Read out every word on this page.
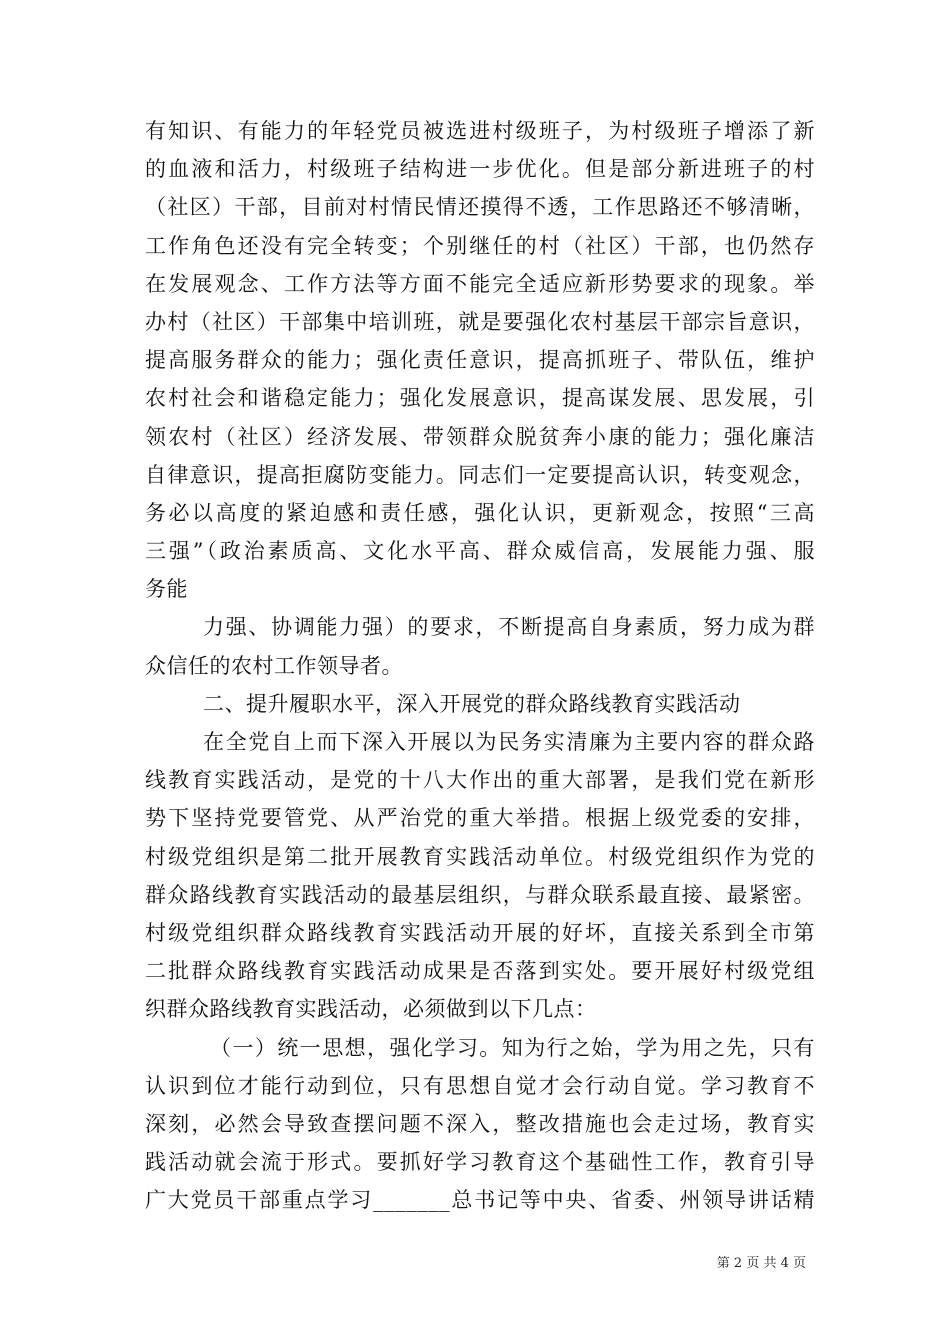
有知识、有能力的年轻党员被选进村级班子，为村级班子增添了新
的血液和活力，村级班子结构进一步优化。但是部分新进班子的村
（社区）干部，目前对村情民情还摸得不透，工作思路还不够清晰，
工作角色还没有完全转变；个别继任的村（社区）干部，也仍然存
在发展观念、工作方法等方面不能完全适应新形势要求的现象。举
办村（社区）干部集中培训班，就是要强化农村基层干部宗旨意识，
提高服务群众的能力；强化责任意识，提高抓班子、带队伍，维护
农村社会和谐稳定能力；强化发展意识，提高谋发展、思发展，引
领农村（社区）经济发展、带领群众脱贫奔小康的能力；强化廉洁
自律意识，提高拒腐防变能力。同志们一定要提高认识，转变观念，
务必以高度的紧迫感和责任感，强化认识，更新观念，按照“三高
三强”（政治素质高、文化水平高、群众威信高，发展能力强、服
务能
力强、协调能力强）的要求，不断提高自身素质，努力成为群
众信任的农村工作领导者。
二、提升履职水平，深入开展党的群众路线教育实践活动
在全党自上而下深入开展以为民务实清廉为主要内容的群众路
线教育实践活动，是党的十八大作出的重大部署，是我们党在新形
势下坚持党要管党、从严治党的重大举措。根据上级党委的安排，
村级党组织是第二批开展教育实践活动单位。村级党组织作为党的
群众路线教育实践活动的最基层组织，与群众联系最直接、最紧密。
村级党组织群众路线教育实践活动开展的好坏，直接关系到全市第
二批群众路线教育实践活动成果是否落到实处。要开展好村级党组
织群众路线教育实践活动，必须做到以下几点：
（一）统一思想，强化学习。知为行之始，学为用之先，只有
认识到位才能行动到位，只有思想自觉才会行动自觉。学习教育不
深刻，必然会导致查摆问题不深入，整改措施也会走过场，教育实
践活动就会流于形式。要抓好学习教育这个基础性工作，教育引导
广大党员干部重点学习_______总书记等中央、省委、州领导讲话精
第 2 页 共 4 页
